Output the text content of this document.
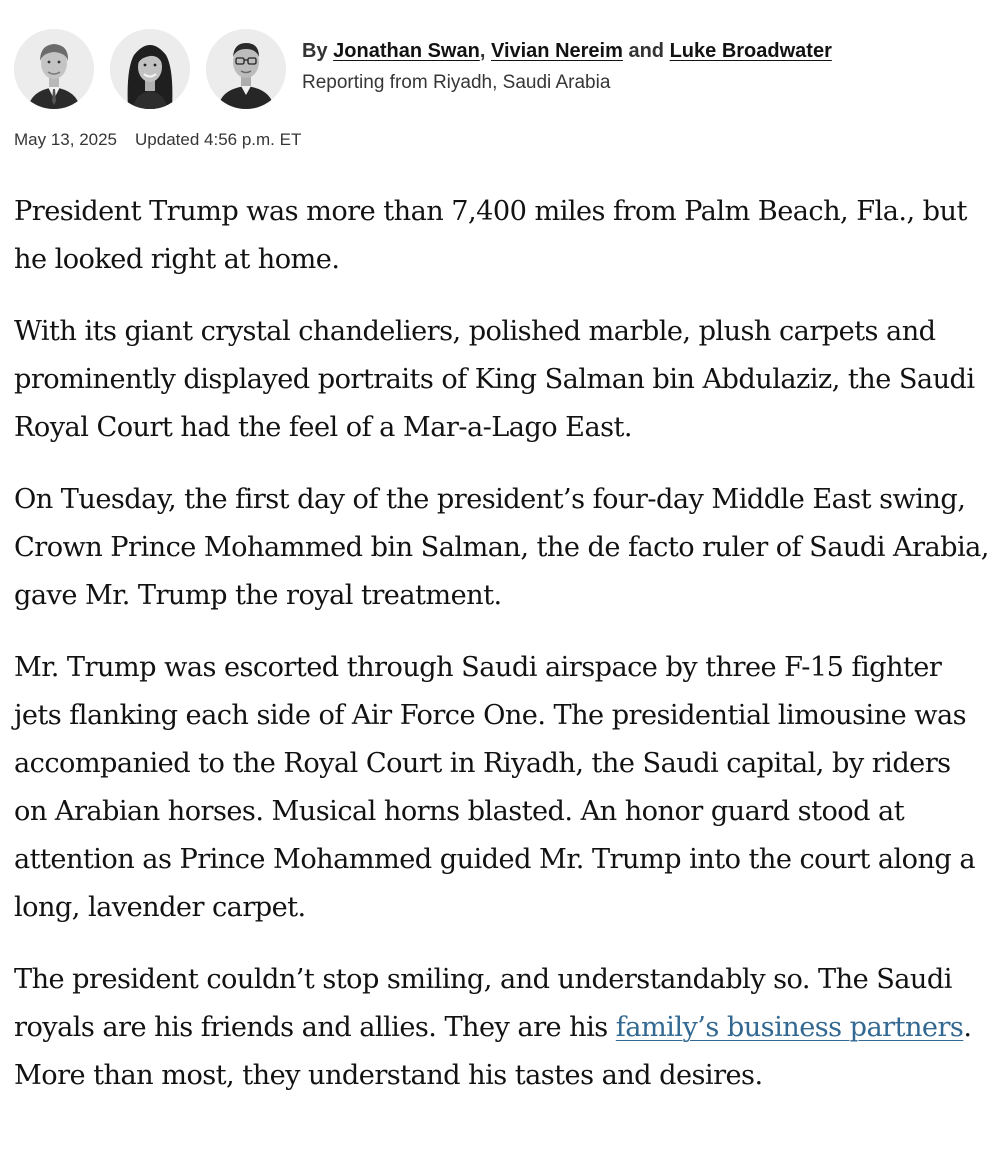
By Jonathan Swan, Vivian Nereim and Luke Broadwater
Reporting from Riyadh, Saudi Arabia
May 13, 2025 Updated 4:56 p.m. ET

President Trump was more than 7,400 miles from Palm Beach, Fla., but he looked right at home.

With its giant crystal chandeliers, polished marble, plush carpets and prominently displayed portraits of King Salman bin Abdulaziz, the Saudi Royal Court had the feel of a Mar-a-Lago East.

On Tuesday, the first day of the president’s four-day Middle East swing, Crown Prince Mohammed bin Salman, the de facto ruler of Saudi Arabia, gave Mr. Trump the royal treatment.

Mr. Trump was escorted through Saudi airspace by three F-15 fighter jets flanking each side of Air Force One. The presidential limousine was accompanied to the Royal Court in Riyadh, the Saudi capital, by riders on Arabian horses. Musical horns blasted. An honor guard stood at attention as Prince Mohammed guided Mr. Trump into the court along a long, lavender carpet.

The president couldn’t stop smiling, and understandably so. The Saudi royals are his friends and allies. They are his family’s business partners. More than most, they understand his tastes and desires.
